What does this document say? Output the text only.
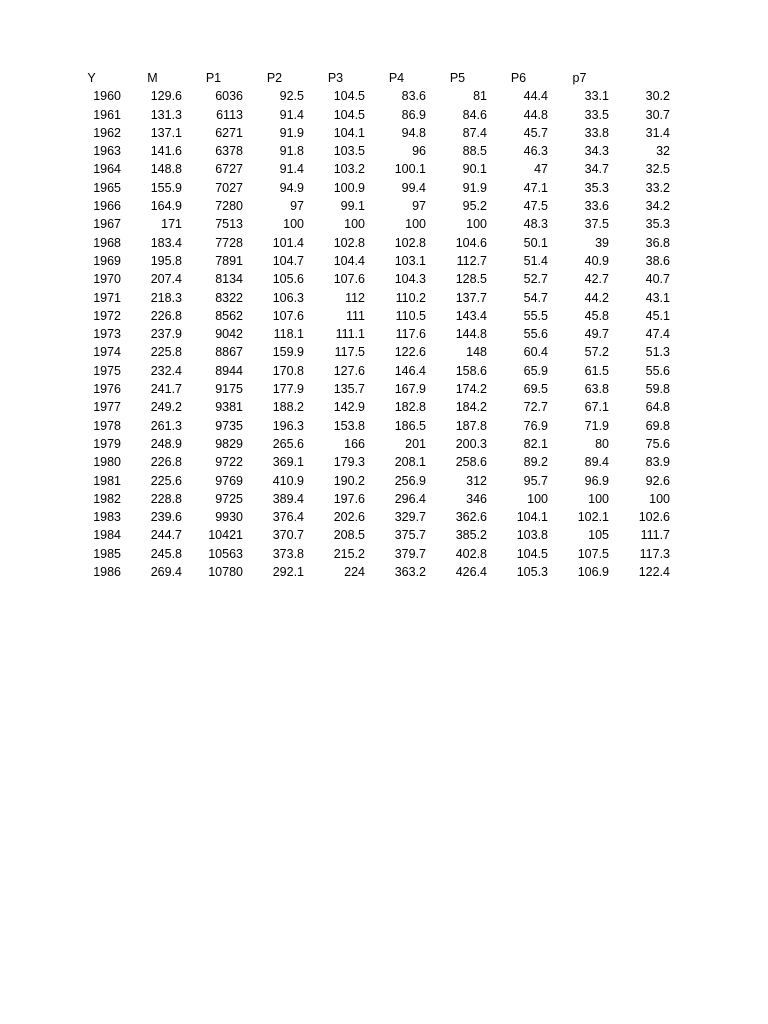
Y	M	P1	P2	P3	P4	P5	P6	p7	
1960	129.6	6036	92.5	104.5	83.6	81	44.4	33.1	30.2
1961	131.3	6113	91.4	104.5	86.9	84.6	44.8	33.5	30.7
1962	137.1	6271	91.9	104.1	94.8	87.4	45.7	33.8	31.4
1963	141.6	6378	91.8	103.5	96	88.5	46.3	34.3	32
1964	148.8	6727	91.4	103.2	100.1	90.1	47	34.7	32.5
1965	155.9	7027	94.9	100.9	99.4	91.9	47.1	35.3	33.2
1966	164.9	7280	97	99.1	97	95.2	47.5	33.6	34.2
1967	171	7513	100	100	100	100	48.3	37.5	35.3
1968	183.4	7728	101.4	102.8	102.8	104.6	50.1	39	36.8
1969	195.8	7891	104.7	104.4	103.1	112.7	51.4	40.9	38.6
1970	207.4	8134	105.6	107.6	104.3	128.5	52.7	42.7	40.7
1971	218.3	8322	106.3	112	110.2	137.7	54.7	44.2	43.1
1972	226.8	8562	107.6	111	110.5	143.4	55.5	45.8	45.1
1973	237.9	9042	118.1	111.1	117.6	144.8	55.6	49.7	47.4
1974	225.8	8867	159.9	117.5	122.6	148	60.4	57.2	51.3
1975	232.4	8944	170.8	127.6	146.4	158.6	65.9	61.5	55.6
1976	241.7	9175	177.9	135.7	167.9	174.2	69.5	63.8	59.8
1977	249.2	9381	188.2	142.9	182.8	184.2	72.7	67.1	64.8
1978	261.3	9735	196.3	153.8	186.5	187.8	76.9	71.9	69.8
1979	248.9	9829	265.6	166	201	200.3	82.1	80	75.6
1980	226.8	9722	369.1	179.3	208.1	258.6	89.2	89.4	83.9
1981	225.6	9769	410.9	190.2	256.9	312	95.7	96.9	92.6
1982	228.8	9725	389.4	197.6	296.4	346	100	100	100
1983	239.6	9930	376.4	202.6	329.7	362.6	104.1	102.1	102.6
1984	244.7	10421	370.7	208.5	375.7	385.2	103.8	105	111.7
1985	245.8	10563	373.8	215.2	379.7	402.8	104.5	107.5	117.3
1986	269.4	10780	292.1	224	363.2	426.4	105.3	106.9	122.4
